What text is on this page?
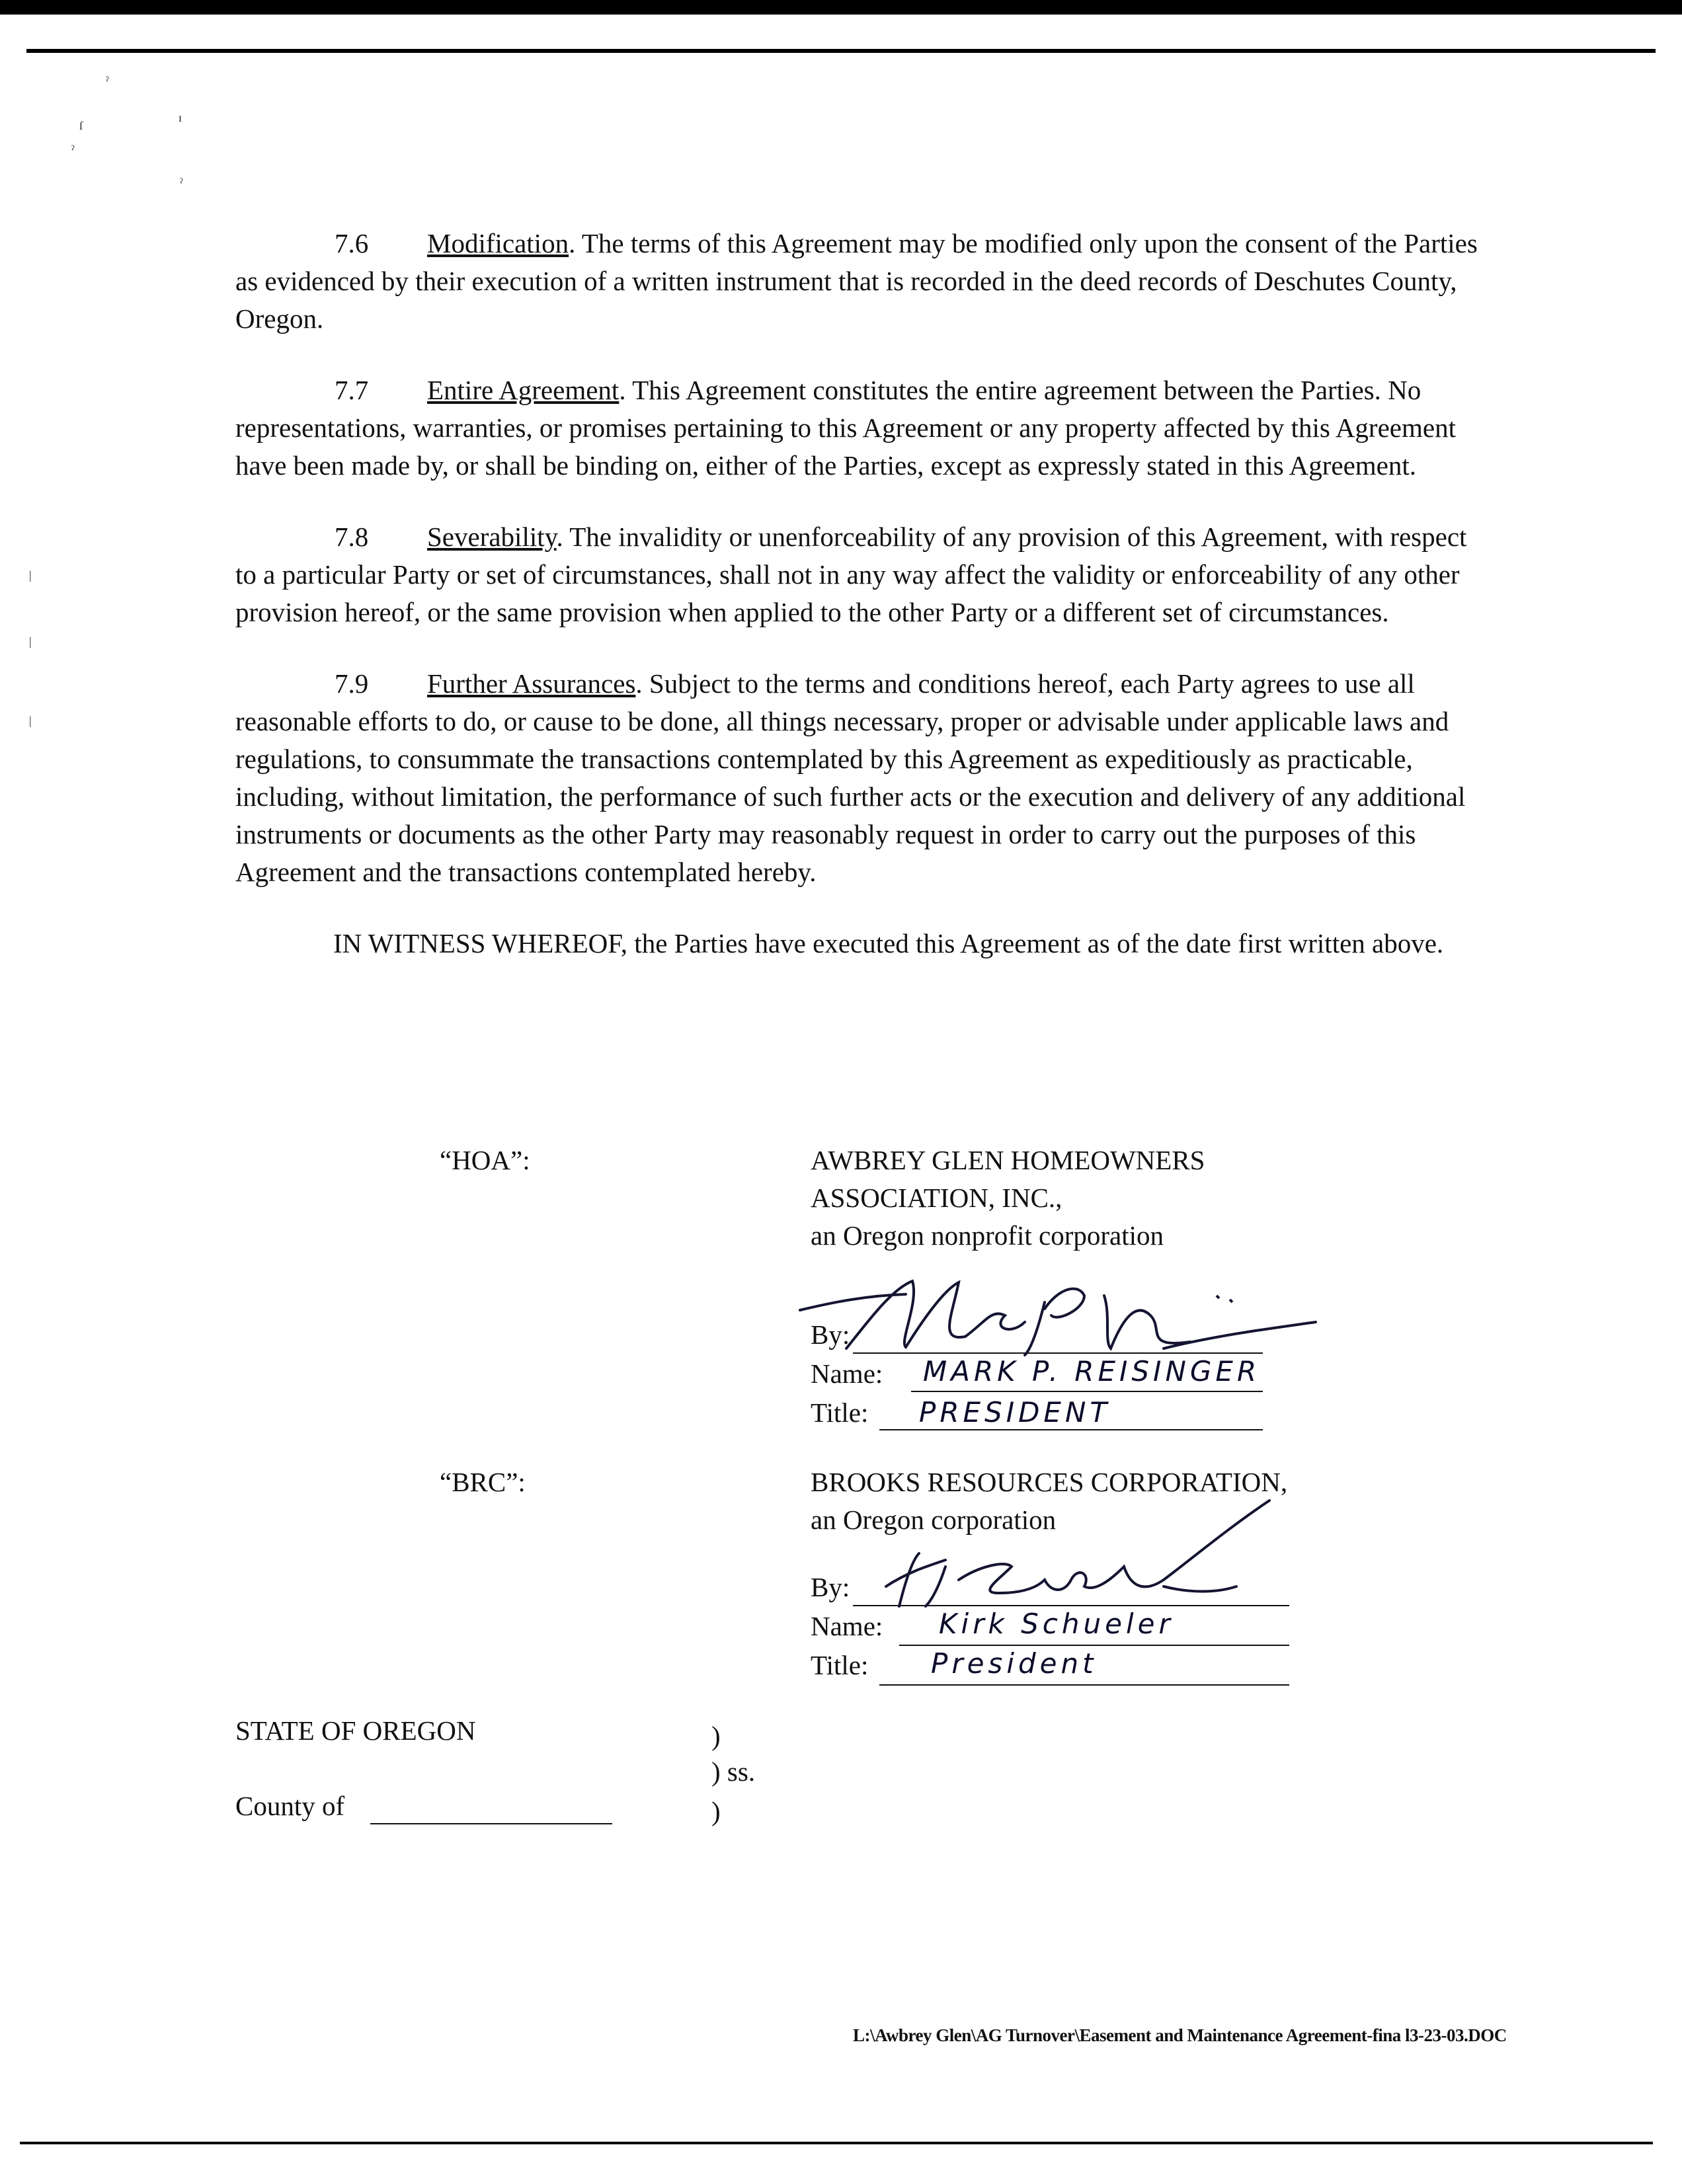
ˀ
ɪ
ſ
ˀ
ˀ
|
|
|

7.6 Modification. The terms of this Agreement may be modified only upon the consent of the Parties as evidenced by their execution of a written instrument that is recorded in the deed records of Deschutes County, Oregon.

7.7 Entire Agreement. This Agreement constitutes the entire agreement between the Parties. No representations, warranties, or promises pertaining to this Agreement or any property affected by this Agreement have been made by, or shall be binding on, either of the Parties, except as expressly stated in this Agreement.

7.8 Severability. The invalidity or unenforceability of any provision of this Agreement, with respect to a particular Party or set of circumstances, shall not in any way affect the validity or enforceability of any other provision hereof, or the same provision when applied to the other Party or a different set of circumstances.

7.9 Further Assurances. Subject to the terms and conditions hereof, each Party agrees to use all reasonable efforts to do, or cause to be done, all things necessary, proper or advisable under applicable laws and regulations, to consummate the transactions contemplated by this Agreement as expeditiously as practicable, including, without limitation, the performance of such further acts or the execution and delivery of any additional instruments or documents as the other Party may reasonably request in order to carry out the purposes of this Agreement and the transactions contemplated hereby.

IN WITNESS WHEREOF, the Parties have executed this Agreement as of the date first written above.

“HOA”:	AWBREY GLEN HOMEOWNERS
ASSOCIATION, INC.,
an Oregon nonprofit corporation
By:
Name:
Title:
MARK P. REISINGER
PRESIDENT
“BRC”:	BROOKS RESOURCES CORPORATION,
an Oregon corporation
By:
Name:
Title:
Kirk Schueler
President
STATE OF OREGON
County of
)
) ss.
)
L:\Awbrey Glen\AG Turnover\Easement and Maintenance Agreement-fina l3-23-03.DOC
